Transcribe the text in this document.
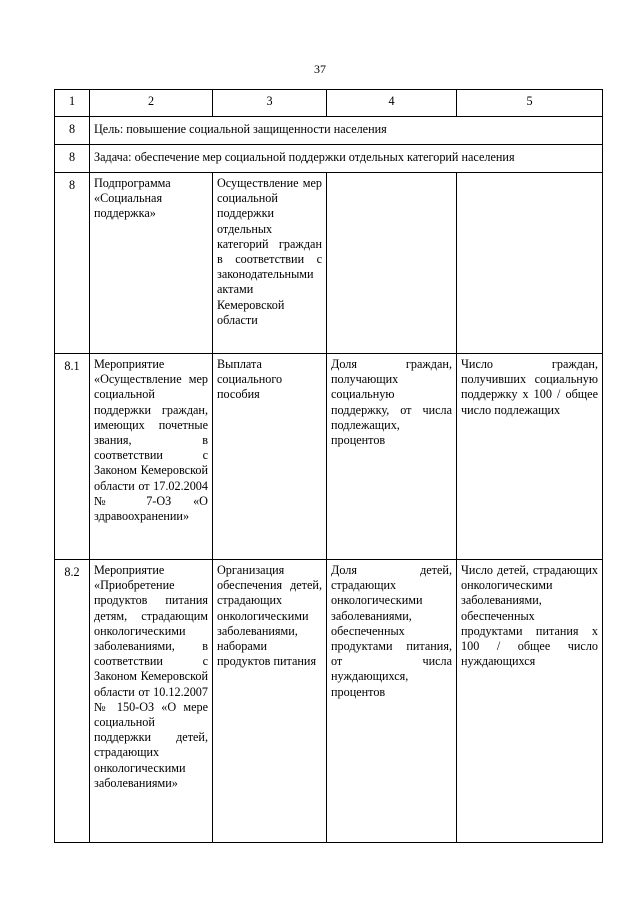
37
1	2	3	4	5
8	Цель: повышение социальной защищенности населения			
8	Задача: обеспечение мер социальной поддержки отдельных категорий населения			
8	Подпрограмма «Социальная поддержка»	Осуществление мер социальной поддержки отдельных категорий граждан в соответствии с законодательными актами Кемеровской области		
8.1	Мероприятие «Осуществление мер социальной поддержки граждан, имеющих почетные звания, в соответствии с Законом Кемеровской области от 17.02.2004 № 7-ОЗ «О здравоохранении»	Выплата социального пособия	Доля граждан, получающих социальную поддержку, от числа подлежащих, процентов	Число граждан, получивших социальную поддержку х 100 / общее число подлежащих
8.2	Мероприятие «Приобретение продуктов питания детям, страдающим онкологическими заболеваниями, в соответствии с Законом Кемеровской области от 10.12.2007 № 150-ОЗ «О мере социальной поддержки детей, страдающих онкологическими заболеваниями»	Организация обеспечения детей, страдающих онкологическими заболеваниями, наборами продуктов питания	Доля детей, страдающих онкологическими заболеваниями, обеспеченных продуктами питания, от числа нуждающихся, процентов	Число детей, страдающих онкологическими заболеваниями, обеспеченных продуктами питания х 100 / общее число нуждающихся
